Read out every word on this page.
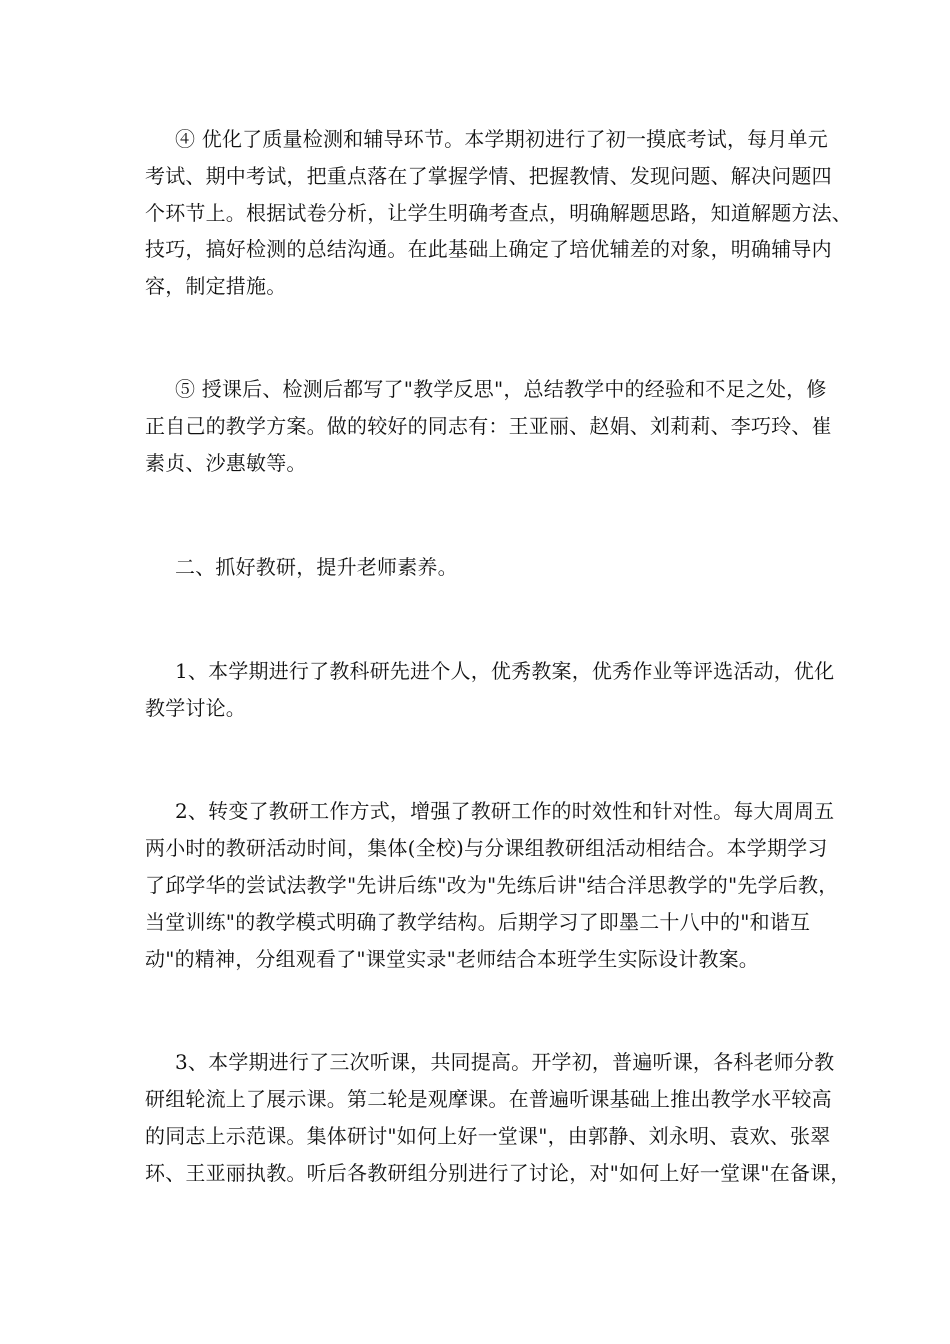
④ 优化了质量检测和辅导环节。本学期初进行了初一摸底考试，每月单元

考试、期中考试，把重点落在了掌握学情、把握教情、发现问题、解决问题四

个环节上。根据试卷分析，让学生明确考查点，明确解题思路，知道解题方法、

技巧，搞好检测的总结沟通。在此基础上确定了培优辅差的对象，明确辅导内

容，制定措施。

⑤ 授课后、检测后都写了"教学反思"，总结教学中的经验和不足之处，修

正自己的教学方案。做的较好的同志有：王亚丽、赵娟、刘莉莉、李巧玲、崔

素贞、沙惠敏等。

二、抓好教研，提升老师素养。

1、本学期进行了教科研先进个人，优秀教案，优秀作业等评选活动，优化

教学讨论。

2、转变了教研工作方式，增强了教研工作的时效性和针对性。每大周周五

两小时的教研活动时间，集体(全校)与分课组教研组活动相结合。本学期学习

了邱学华的尝试法教学"先讲后练"改为"先练后讲"结合洋思教学的"先学后教，

当堂训练"的教学模式明确了教学结构。后期学习了即墨二十八中的"和谐互

动"的精神，分组观看了"课堂实录"老师结合本班学生实际设计教案。

3、本学期进行了三次听课，共同提高。开学初，普遍听课，各科老师分教

研组轮流上了展示课。第二轮是观摩课。在普遍听课基础上推出教学水平较高

的同志上示范课。集体研讨"如何上好一堂课"，由郭静、刘永明、袁欢、张翠

环、王亚丽执教。听后各教研组分别进行了讨论，对"如何上好一堂课"在备课，
